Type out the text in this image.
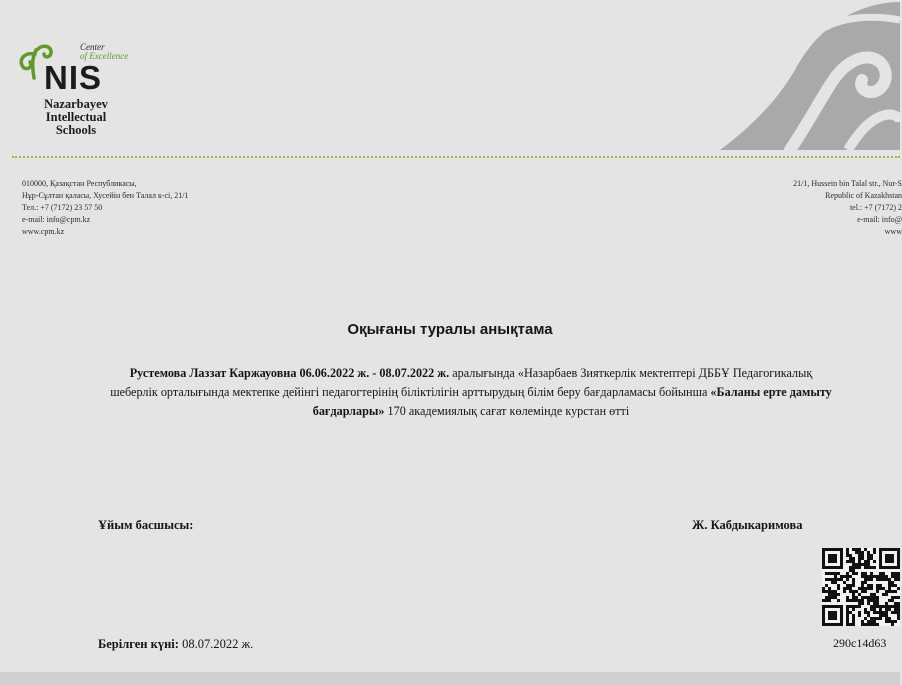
Center
of Excellence
NIS
Nazarbayev
Intellectual
Schools
010000, Қазақстан Республикасы,
Нұр-Сұлтан қаласы, Хусейін бен Талал к-сі, 21/1
Тел.: +7 (7172) 23 57 50
e-mail: info@cpm.kz
www.cpm.kz
21/1, Hussein bin Talal str., Nur-S
Republic of Kazakhstan
tel.: +7 (7172) 2
e-mail: info@
www
Оқығаны туралы анықтама
Рустемова Лаззат Каржауовна 06.06.2022 ж. - 08.07.2022 ж. аралығында «Назарбаев Зияткерлік мектептері ДББҰ Педагогикалық шеберлік орталығында мектепке дейінгі педагогтерінің біліктілігін арттырудың білім беру бағдарламасы бойынша «Баланы ерте дамыту бағдарлары» 170 академиялық сағат көлемінде курстан өтті
Ұйым басшысы:	Ж. Кабдыкаримова
Берілген күні: 08.07.2022 ж.	290c14d63
